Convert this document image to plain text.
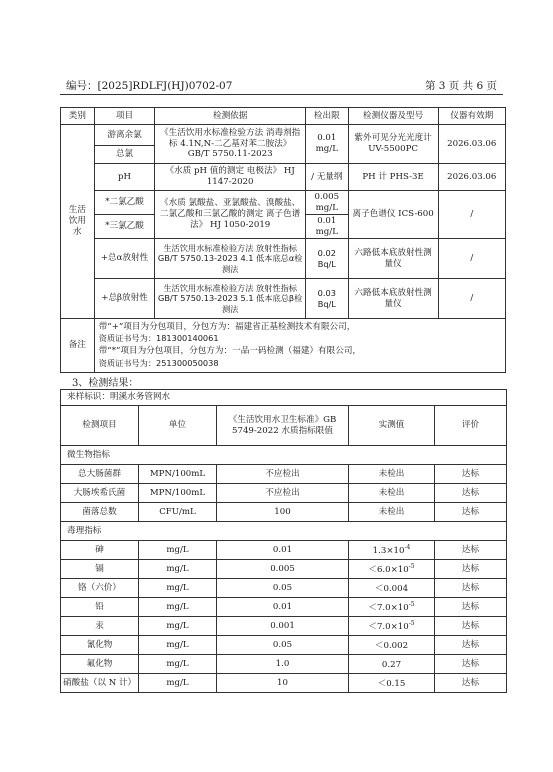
编号：[2025]RDLFJ(HJ)0702-07	第 3 页 共 6 页
类别	项目	检测依据	检出限	检测仪器及型号	仪器有效期
生活饮用水	游离余氯	《生活饮用水标准检验方法 消毒剂指标 4.1N,N-二乙基对苯二胺法》 GB/T 5750.11-2023	0.01 mg/L	紫外可见分光光度计 UV-5500PC	2026.03.06
	总氯				
	pH	《水质 pH 值的测定 电极法》 HJ 1147-2020	/ 无量纲	PH 计 PHS-3E	2026.03.06
	*二氯乙酸	《水质 氯酸盐、亚氯酸盐、溴酸盐、二氯乙酸和三氯乙酸的测定 离子色谱法》 HJ 1050-2019	0.005 mg/L	离子色谱仪 ICS-600	/
	*三氯乙酸		0.01 mg/L		
	+总α放射性	生活饮用水标准检验方法 放射性指标 GB/T 5750.13-2023 4.1 低本底总α检测法	0.02 Bq/L	六路低本底放射性测量仪	/
	+总β放射性	生活饮用水标准检验方法 放射性指标 GB/T 5750.13-2023 5.1 低本底总β检测法	0.03 Bq/L	六路低本底放射性测量仪	/
备注	带“+”项目为分包项目，分包方为：福建省正基检测技术有限公司，
资质证书号为：181300140061
带“*”项目为分包项目，分包方为：一品一码检测（福建）有限公司，
资质证书号为：251300050038				
3、检测结果：
来样标识：明溪水务管网水				
检测项目	单位	《生活饮用水卫生标准》GB 5749-2022 水质指标限值	实测值	评价
微生物指标				
总大肠菌群	MPN/100mL	不应检出	未检出	达标
大肠埃希氏菌	MPN/100mL	不应检出	未检出	达标
菌落总数	CFU/mL	100	未检出	达标
毒理指标				
砷	mg/L	0.01	$1.3\times 10^{-4}$	达标
镉	mg/L	0.005	$<6.0\times 10^{-5}$	达标
铬（六价）	mg/L	0.05	＜0.004	达标
铅	mg/L	0.01	$<7.0\times 10^{-5}$	达标
汞	mg/L	0.001	$<7.0\times 10^{-5}$	达标
氰化物	mg/L	0.05	＜0.002	达标
氟化物	mg/L	1.0	0.27	达标
硝酸盐（以 N 计）	mg/L	10	＜0.15	达标
